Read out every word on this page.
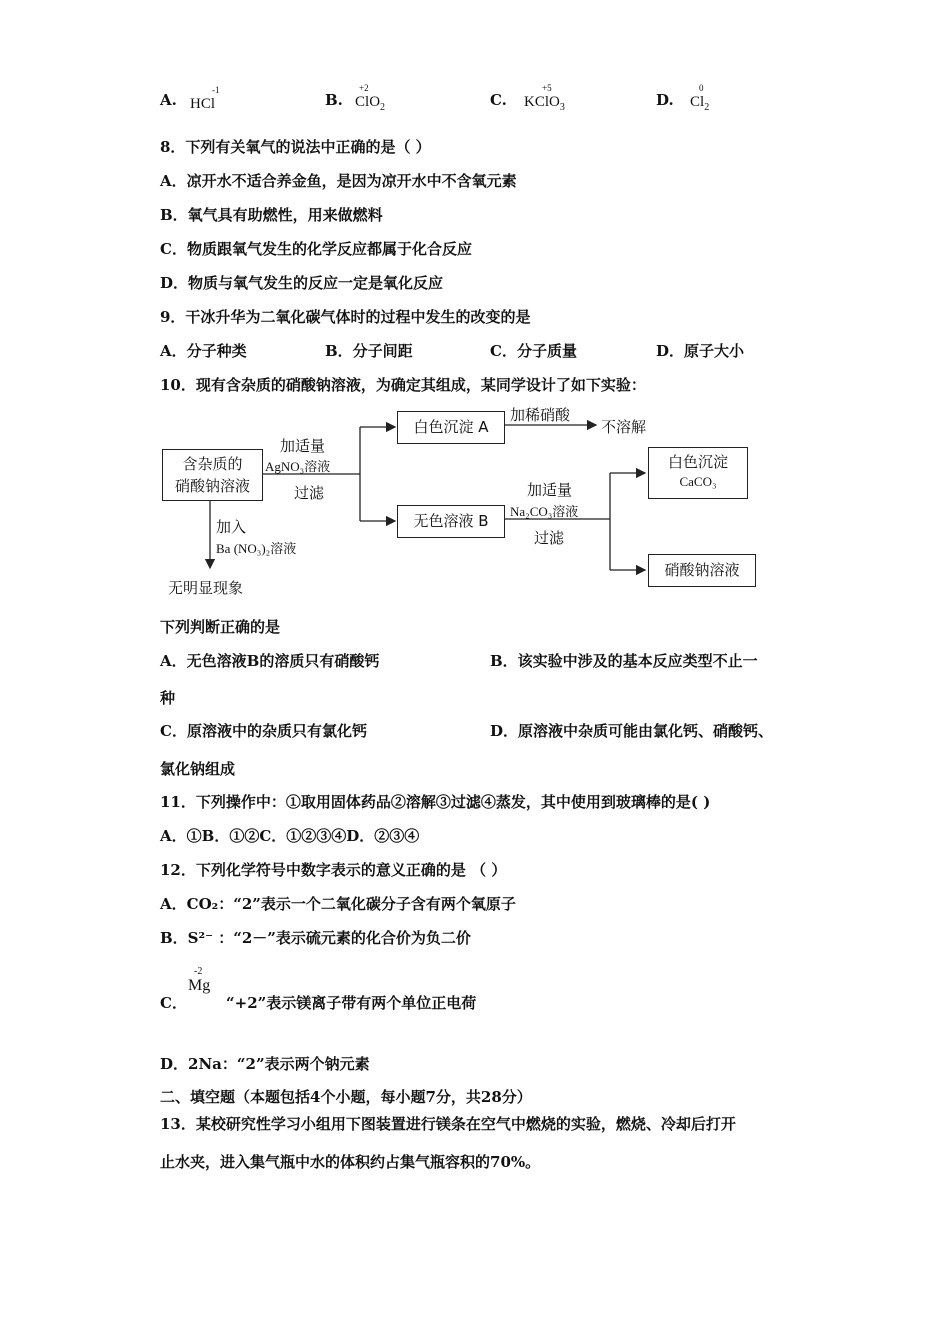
A.
-1
HCl	B.
+2
ClO$_2$	C.
+5
KClO$_3$	D.
0
$Cl_2$
8．下列有关氧气的说法中正确的是（ ）
A．凉开水不适合养金鱼，是因为凉开水中不含氧元素
B．氧气具有助燃性，用来做燃料
C．物质跟氧气发生的化学反应都属于化合反应
D．物质与氧气发生的反应一定是氧化反应
9．干冰升华为二氧化碳气体时的过程中发生的改变的是
A．分子种类	B．分子间距	C．分子质量	D．原子大小
10．现有含杂质的硝酸钠溶液，为确定其组成，某同学设计了如下实验：
含杂质的
硝酸钠溶液
加适量
AgNO₃溶液
过滤
白色沉淀 A
加稀硝酸
不溶解
无色溶液 B
加适量
Na₂CO₃溶液
过滤
白色沉淀
CaCO₃
硝酸钠溶液
加入
Ba (NO₃)₂溶液
无明显现象
下列判断正确的是
A．无色溶液B的溶质只有硝酸钙	B．该实验中涉及的基本反应类型不止一
种
C．原溶液中的杂质只有氯化钙	D．原溶液中杂质可能由氯化钙、硝酸钙、
氯化钠组成
11．下列操作中：①取用固体药品②溶解③过滤④蒸发，其中使用到玻璃棒的是( )
A．①B．①②C．①②③④D．②③④
12．下列化学符号中数字表示的意义正确的是 （ ）
A．CO₂：“2”表示一个二氧化碳分子含有两个氧原子
B．S²⁻ ：“2－”表示硫元素的化合价为负二价
C．
-2
Mg
“+2”表示镁离子带有两个单位正电荷
D．2Na：“2”表示两个钠元素
二、填空题（本题包括4个小题，每小题7分，共28分）
13．某校研究性学习小组用下图装置进行镁条在空气中燃烧的实验，燃烧、冷却后打开
止水夹，进入集气瓶中水的体积约占集气瓶容积的70%。
